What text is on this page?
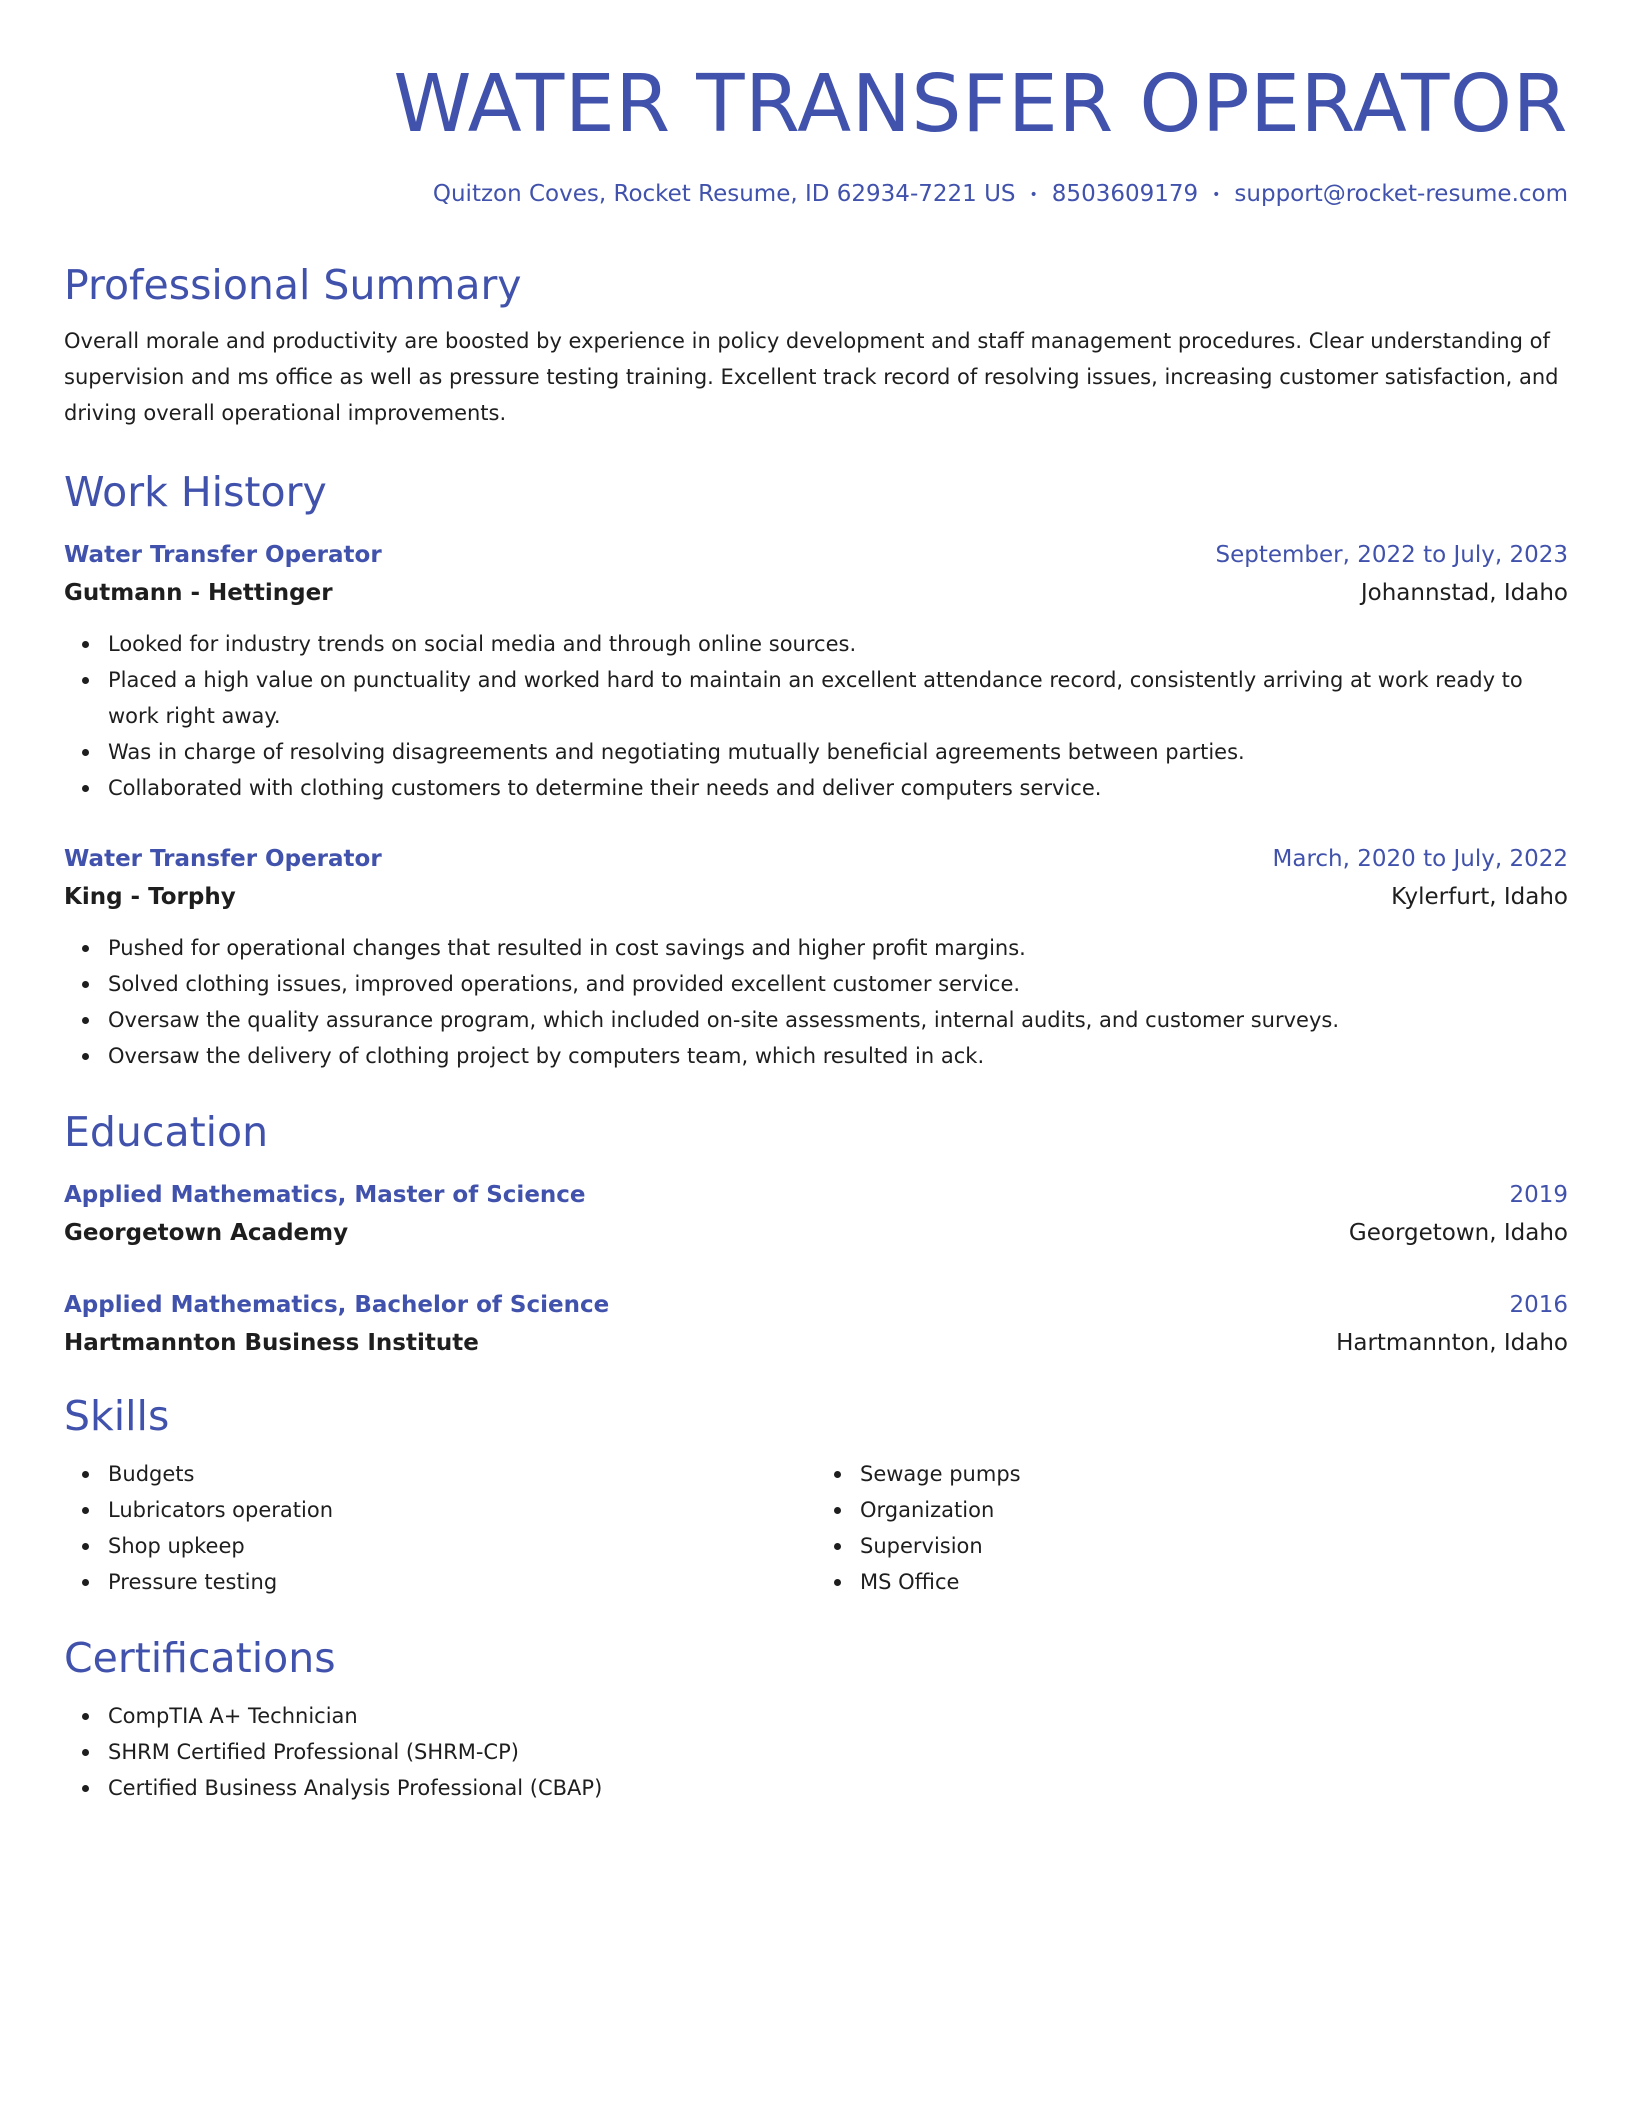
WATER TRANSFER OPERATOR
Quitzon Coves, Rocket Resume, ID 62934-7221 US • 8503609179 • support@rocket-resume.com
Professional Summary

Overall morale and productivity are boosted by experience in policy development and staff management procedures. Clear understanding of supervision and ms office as well as pressure testing training. Excellent track record of resolving issues, increasing customer satisfaction, and driving overall operational improvements.

Work History
Water Transfer Operator	September, 2022 to July, 2023
Gutmann - Hettinger	Johannstad, Idaho
Looked for industry trends on social media and through online sources.
Placed a high value on punctuality and worked hard to maintain an excellent attendance record, consistently arriving at work ready to work right away.
Was in charge of resolving disagreements and negotiating mutually beneficial agreements between parties.
Collaborated with clothing customers to determine their needs and deliver computers service.
Water Transfer Operator	March, 2020 to July, 2022
King - Torphy	Kylerfurt, Idaho
Pushed for operational changes that resulted in cost savings and higher profit margins.
Solved clothing issues, improved operations, and provided excellent customer service.
Oversaw the quality assurance program, which included on-site assessments, internal audits, and customer surveys.
Oversaw the delivery of clothing project by computers team, which resulted in ack.
Education
Applied Mathematics, Master of Science	2019
Georgetown Academy	Georgetown, Idaho
Applied Mathematics, Bachelor of Science	2016
Hartmannton Business Institute	Hartmannton, Idaho
Skills
Budgets
Lubricators operation
Shop upkeep
Pressure testing
Sewage pumps
Organization
Supervision
MS Office
Certifications
CompTIA A+ Technician
SHRM Certified Professional (SHRM-CP)
Certified Business Analysis Professional (CBAP)
